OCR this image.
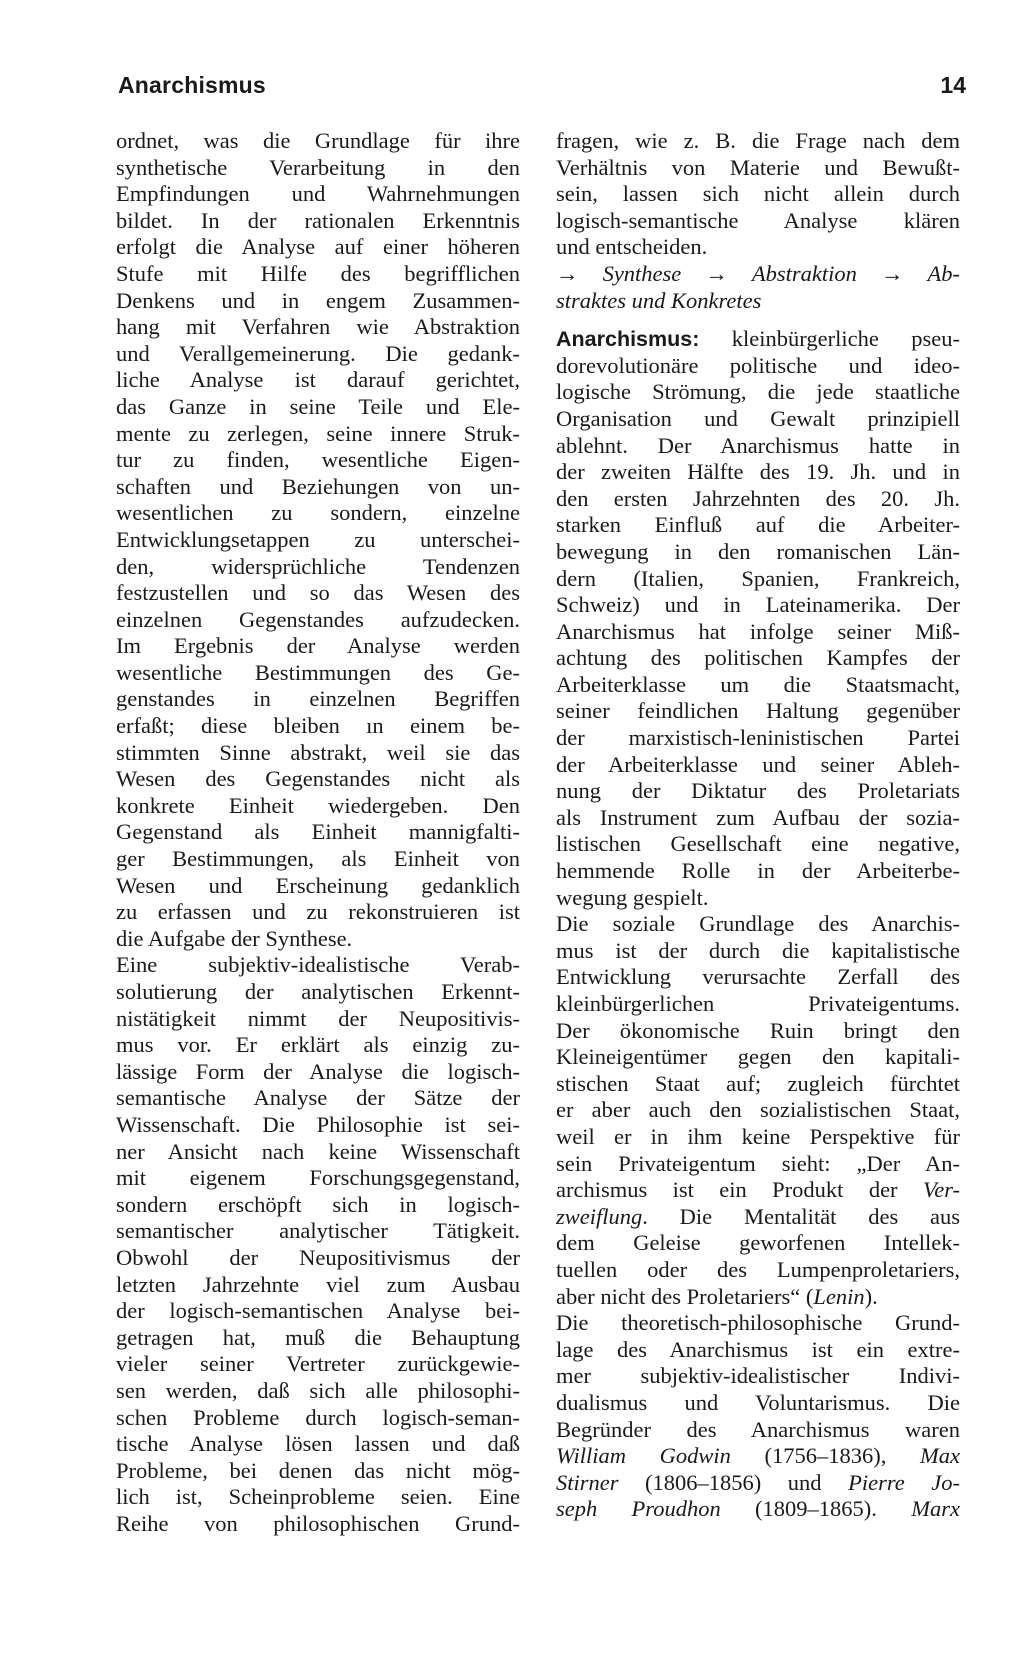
Anarchismus	14
ordnet, was die Grundlage für ihre
synthetische Verarbeitung in den
Empfindungen und Wahrnehmungen
bildet. In der rationalen Erkenntnis
erfolgt die Analyse auf einer höheren
Stufe mit Hilfe des begrifflichen
Denkens und in engem Zusammen-
hang mit Verfahren wie Abstraktion
und Verallgemeinerung. Die gedank-
liche Analyse ist darauf gerichtet,
das Ganze in seine Teile und Ele-
mente zu zerlegen, seine innere Struk-
tur zu finden, wesentliche Eigen-
schaften und Beziehungen von un-
wesentlichen zu sondern, einzelne
Entwicklungsetappen zu unterschei-
den, widersprüchliche Tendenzen
festzustellen und so das Wesen des
einzelnen Gegenstandes aufzudecken.
Im Ergebnis der Analyse werden
wesentliche Bestimmungen des Ge-
genstandes in einzelnen Begriffen
erfaßt; diese bleiben ın einem be-
stimmten Sinne abstrakt, weil sie das
Wesen des Gegenstandes nicht als
konkrete Einheit wiedergeben. Den
Gegenstand als Einheit mannigfalti-
ger Bestimmungen, als Einheit von
Wesen und Erscheinung gedanklich
zu erfassen und zu rekonstruieren ist
die Aufgabe der Synthese.
Eine subjektiv-idealistische Verab-
solutierung der analytischen Erkennt-
nistätigkeit nimmt der Neupositivis-
mus vor. Er erklärt als einzig zu-
lässige Form der Analyse die logisch-
semantische Analyse der Sätze der
Wissenschaft. Die Philosophie ist sei-
ner Ansicht nach keine Wissenschaft
mit eigenem Forschungsgegenstand,
sondern erschöpft sich in logisch-
semantischer analytischer Tätigkeit.
Obwohl der Neupositivismus der
letzten Jahrzehnte viel zum Ausbau
der logisch-semantischen Analyse bei-
getragen hat, muß die Behauptung
vieler seiner Vertreter zurückgewie-
sen werden, daß sich alle philosophi-
schen Probleme durch logisch-seman-
tische Analyse lösen lassen und daß
Probleme, bei denen das nicht mög-
lich ist, Scheinprobleme seien. Eine
Reihe von philosophischen Grund-
fragen, wie z. B. die Frage nach dem
Verhältnis von Materie und Bewußt-
sein, lassen sich nicht allein durch
logisch-semantische Analyse klären
und entscheiden.
→ Synthese → Abstraktion → Ab-
straktes und Konkretes
Anarchismus: kleinbürgerliche pseu-
dorevolutionäre politische und ideo-
logische Strömung, die jede staatliche
Organisation und Gewalt prinzipiell
ablehnt. Der Anarchismus hatte in
der zweiten Hälfte des 19. Jh. und in
den ersten Jahrzehnten des 20. Jh.
starken Einfluß auf die Arbeiter-
bewegung in den romanischen Län-
dern (Italien, Spanien, Frankreich,
Schweiz) und in Lateinamerika. Der
Anarchismus hat infolge seiner Miß-
achtung des politischen Kampfes der
Arbeiterklasse um die Staatsmacht,
seiner feindlichen Haltung gegenüber
der marxistisch-leninistischen Partei
der Arbeiterklasse und seiner Ableh-
nung der Diktatur des Proletariats
als Instrument zum Aufbau der sozia-
listischen Gesellschaft eine negative,
hemmende Rolle in der Arbeiterbe-
wegung gespielt.
Die soziale Grundlage des Anarchis-
mus ist der durch die kapitalistische
Entwicklung verursachte Zerfall des
kleinbürgerlichen Privateigentums.
Der ökonomische Ruin bringt den
Kleineigentümer gegen den kapitali-
stischen Staat auf; zugleich fürchtet
er aber auch den sozialistischen Staat,
weil er in ihm keine Perspektive für
sein Privateigentum sieht: „Der An-
archismus ist ein Produkt der Ver-
zweiflung. Die Mentalität des aus
dem Geleise geworfenen Intellek-
tuellen oder des Lumpenproletariers,
aber nicht des Proletariers“ (Lenin).
Die theoretisch-philosophische Grund-
lage des Anarchismus ist ein extre-
mer subjektiv-idealistischer Indivi-
dualismus und Voluntarismus. Die
Begründer des Anarchismus waren
William Godwin (1756–1836), Max
Stirner (1806–1856) und Pierre Jo-
seph Proudhon (1809–1865). Marx
